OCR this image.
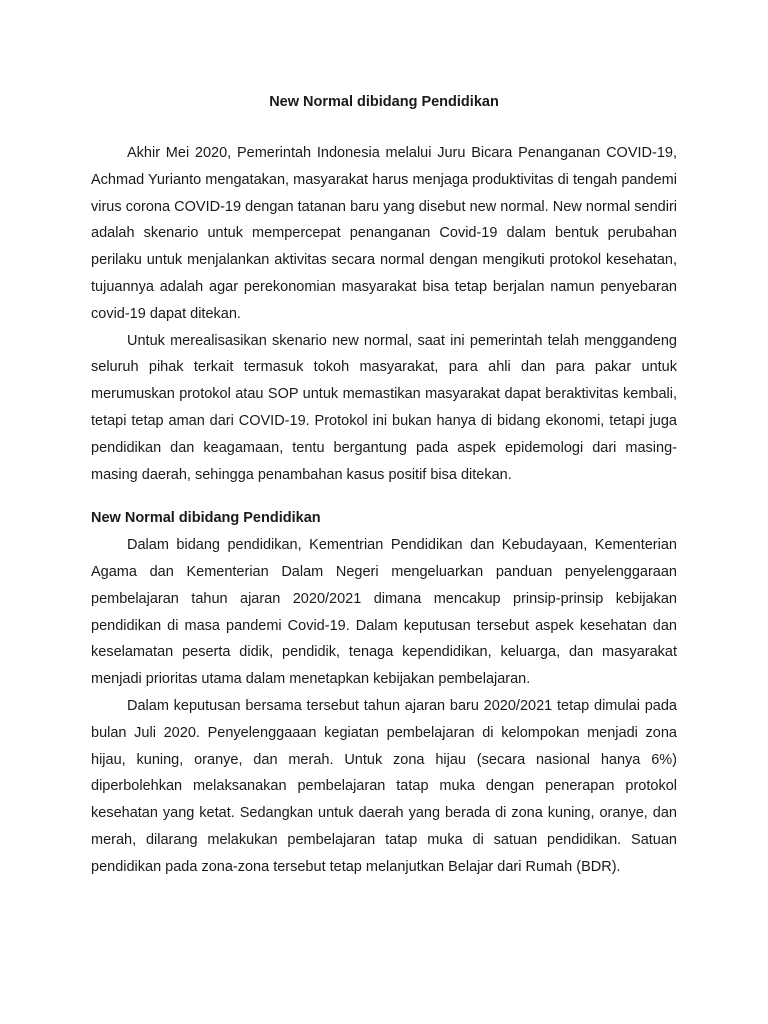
New Normal dibidang Pendidikan

Akhir Mei 2020, Pemerintah Indonesia melalui Juru Bicara Penanganan COVID-19, Achmad Yurianto mengatakan, masyarakat harus menjaga produktivitas di tengah pandemi virus corona COVID-19 dengan tatanan baru yang disebut new normal. New normal sendiri adalah skenario untuk mempercepat penanganan Covid-19 dalam bentuk perubahan perilaku untuk menjalankan aktivitas secara normal dengan mengikuti protokol kesehatan, tujuannya adalah agar perekonomian masyarakat bisa tetap berjalan namun penyebaran covid-19 dapat ditekan.

Untuk merealisasikan skenario new normal, saat ini pemerintah telah menggandeng seluruh pihak terkait termasuk tokoh masyarakat, para ahli dan para pakar untuk merumuskan protokol atau SOP untuk memastikan masyarakat dapat beraktivitas kembali, tetapi tetap aman dari COVID-19. Protokol ini bukan hanya di bidang ekonomi, tetapi juga pendidikan dan keagamaan, tentu bergantung pada aspek epidemologi dari masing-masing daerah, sehingga penambahan kasus positif bisa ditekan.

New Normal dibidang Pendidikan

Dalam bidang pendidikan, Kementrian Pendidikan dan Kebudayaan, Kementerian Agama dan Kementerian Dalam Negeri mengeluarkan panduan penyelenggaraan pembelajaran tahun ajaran 2020/2021 dimana mencakup prinsip-prinsip kebijakan pendidikan di masa pandemi Covid-19. Dalam keputusan tersebut aspek kesehatan dan keselamatan peserta didik, pendidik, tenaga kependidikan, keluarga, dan masyarakat menjadi prioritas utama dalam menetapkan kebijakan pembelajaran.

Dalam keputusan bersama tersebut tahun ajaran baru 2020/2021 tetap dimulai pada bulan Juli 2020. Penyelenggaaan kegiatan pembelajaran di kelompokan menjadi zona hijau, kuning, oranye, dan merah. Untuk zona hijau (secara nasional hanya 6%) diperbolehkan melaksanakan pembelajaran tatap muka dengan penerapan protokol kesehatan yang ketat. Sedangkan untuk daerah yang berada di zona kuning, oranye, dan merah, dilarang melakukan pembelajaran tatap muka di satuan pendidikan. Satuan pendidikan pada zona-zona tersebut tetap melanjutkan Belajar dari Rumah (BDR).
